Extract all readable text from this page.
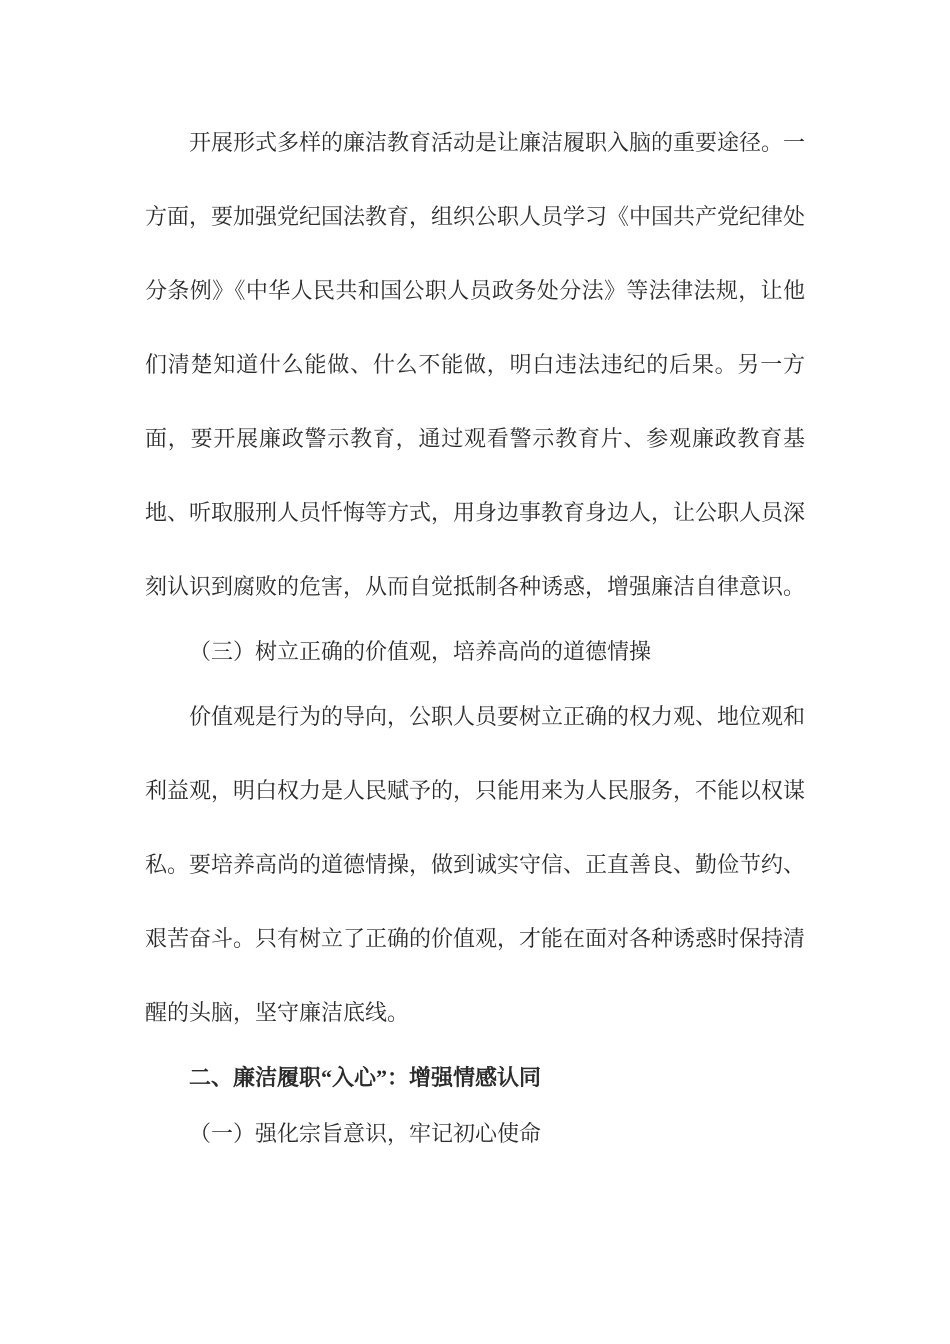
开展形式多样的廉洁教育活动是让廉洁履职入脑的重要途径。一方面，要加强党纪国法教育，组织公职人员学习《中国共产党纪律处分条例》《中华人民共和国公职人员政务处分法》等法律法规，让他们清楚知道什么能做、什么不能做，明白违法违纪的后果。另一方面，要开展廉政警示教育，通过观看警示教育片、参观廉政教育基地、听取服刑人员忏悔等方式，用身边事教育身边人，让公职人员深刻认识到腐败的危害，从而自觉抵制各种诱惑，增强廉洁自律意识。

（三）树立正确的价值观，培养高尚的道德情操

价值观是行为的导向，公职人员要树立正确的权力观、地位观和利益观，明白权力是人民赋予的，只能用来为人民服务，不能以权谋私。要培养高尚的道德情操，做到诚实守信、正直善良、勤俭节约、艰苦奋斗。只有树立了正确的价值观，才能在面对各种诱惑时保持清醒的头脑，坚守廉洁底线。

二、廉洁履职“入心”：增强情感认同

（一）强化宗旨意识，牢记初心使命
